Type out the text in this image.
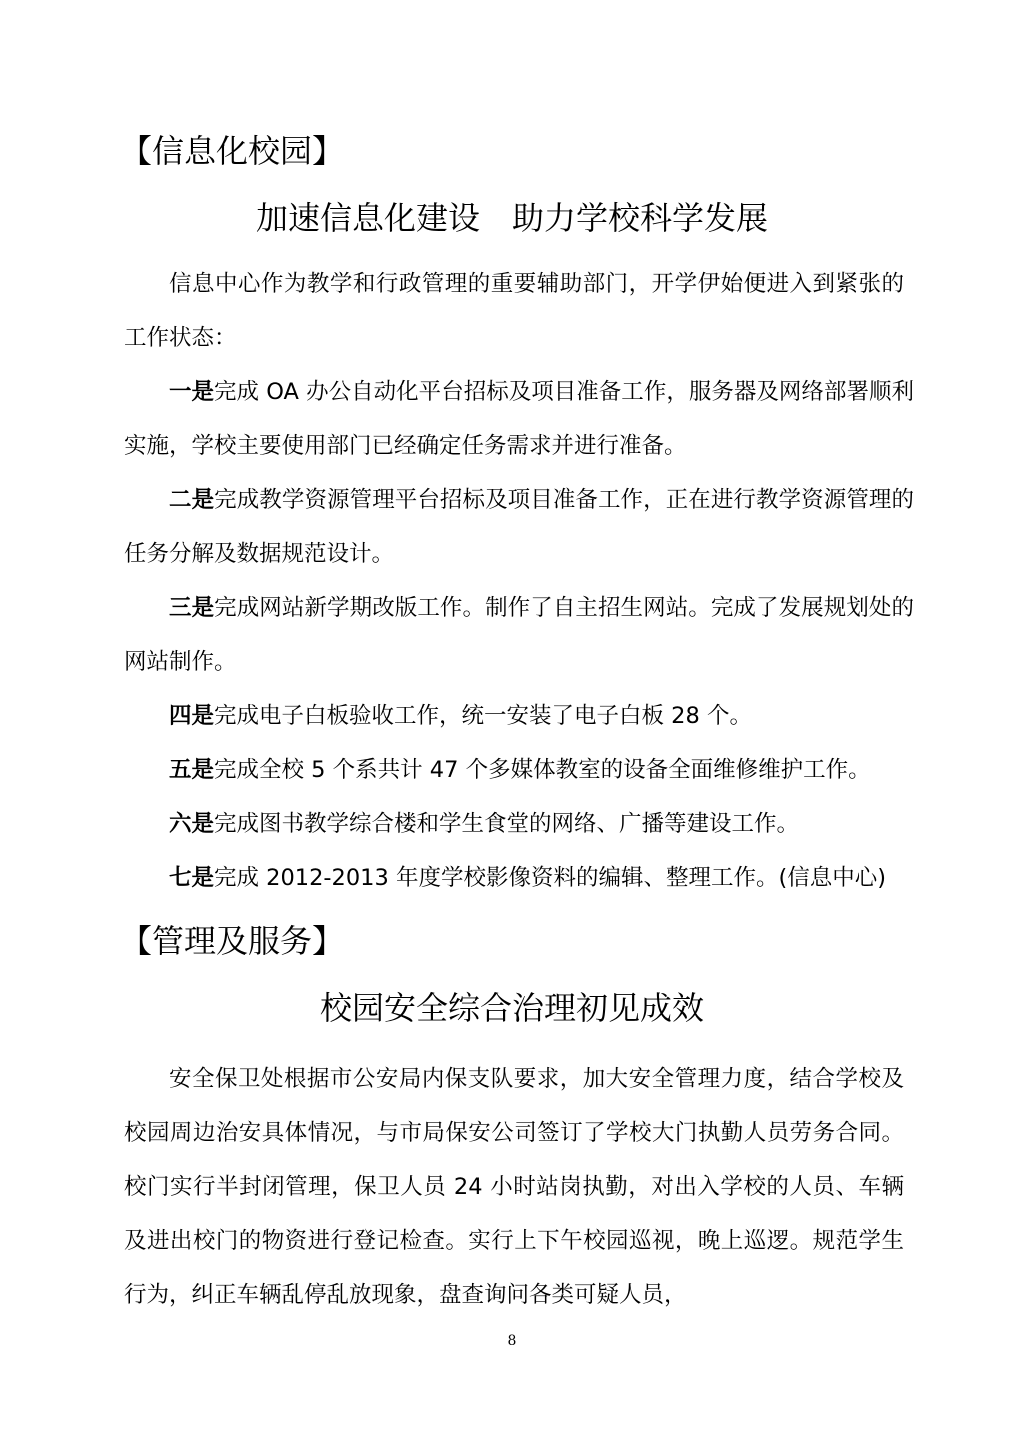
【信息化校园】
加速信息化建设　助力学校科学发展
信息中心作为教学和行政管理的重要辅助部门，开学伊始便进入到紧张的工作状态：
一是完成 OA 办公自动化平台招标及项目准备工作，服务器及网络部署顺利实施，学校主要使用部门已经确定任务需求并进行准备。
二是完成教学资源管理平台招标及项目准备工作，正在进行教学资源管理的任务分解及数据规范设计。
三是完成网站新学期改版工作。制作了自主招生网站。完成了发展规划处的网站制作。
四是完成电子白板验收工作，统一安装了电子白板 28 个。
五是完成全校 5 个系共计 47 个多媒体教室的设备全面维修维护工作。
六是完成图书教学综合楼和学生食堂的网络、广播等建设工作。
七是完成 2012-2013 年度学校影像资料的编辑、整理工作。(信息中心)
【管理及服务】
校园安全综合治理初见成效
安全保卫处根据市公安局内保支队要求，加大安全管理力度，结合学校及校园周边治安具体情况，与市局保安公司签订了学校大门执勤人员劳务合同。校门实行半封闭管理，保卫人员 24 小时站岗执勤，对出入学校的人员、车辆及进出校门的物资进行登记检查。实行上下午校园巡视，晚上巡逻。规范学生行为，纠正车辆乱停乱放现象，盘查询问各类可疑人员，
8
